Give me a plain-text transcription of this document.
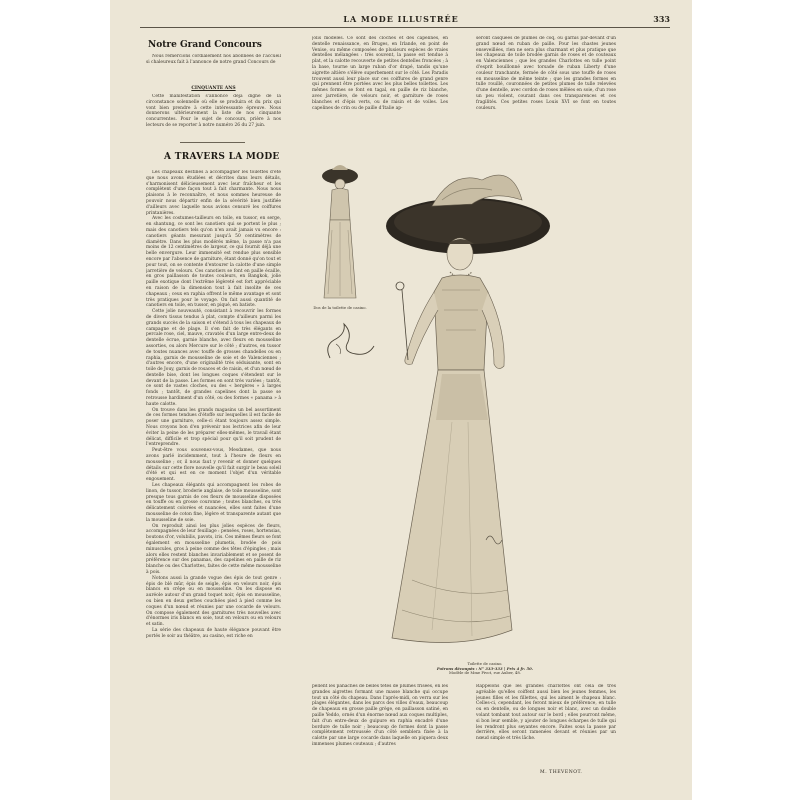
LA MODE ILLUSTRÉE	333
Notre Grand Concours

Nous remercions cordialement nos abonnées de l'accueil si chaleureux fait à l'annonce de notre grand Concours de

CINQUANTE ANS

Cette manifestation s'annonce déjà digne de la circonstance solennelle où elle se produira et du prix qui vont bien prendre à cette intéressante épreuve. Nous donnerons ultérieurement la liste de nos cinquante concurrentes. Pour le sujet de concours, prière à nos lecteurs de se reporter à notre numéro 26 du 27 juin.

A TRAVERS LA MODE

Les chapeaux destinés à accompagner les toilettes d'été que nous avons étudiées et décrites dans leurs détails, s'harmonisent délicieusement avec leur fraîcheur et les complètent d'une façon tout à fait charmante. Nous nous plaisons à le reconnaître, et nous sommes heureuse de pouvoir nous départir enfin de la sévérité bien justifiée d'ailleurs avec laquelle nous avions censuré les coiffures printanières.

Avec les costumes-tailleurs en toile, en tussor, en serge, en shantung, ce sont les canotiers qui se portent le plus ; mais des canotiers tels qu'on n'en avait jamais vu encore : canotiers géants mesurant jusqu'à 50 centimètres de diamètre. Dans les plus modérés même, la passe n'a pas moins de 12 centimètres de largeur, ce qui fournit déjà une belle envergure. Leur immensité est rendue plus sensible encore par l'absence de garniture, étant donné qu'on tout et pour tout, on se contente d'entourer la calotte d'une simple jarretière de velours. Ces canotiers se font en paille écaille, en gros paillasson de toutes couleurs, en Bangkok, jolie paille exotique dont l'extrême légèreté est fort appréciable en raison de la dimension tout à fait insolite de ces chapeaux ; ceux en raphia offrent le même avantage et sont très pratiques pour le voyage. On fait aussi quantité de canotiers en toile, en tussor, en piqué, en batiste.

Cette jolie nouveauté, consistant à recouvrir les formes de divers tissus tendus à plat, compte d'ailleurs parmi les grands succès de la saison et s'étend à tous les chapeaux de campagne et de plage. Il s'en fait de très élégants en percale rose, ciel, mauve, cravatés d'un large entre-deux de dentelle écrue, garnie blanche, avec fleurs en mousseline assorties, ou alors Mercure sur le côté ; d'autres, en tussor de toutes nuances avec touffe de grosses chandelles ou en raphia, garnis de mousseline de soie et de Valenciennes ; d'autres encore, d'une originalité très séduisante, sont en toile de Jouy, garnis de rosaces et de raisin, et d'un nœud de dentelle bise, dont les longues coques s'étendent sur le devant de la passe. Les formes en sont très variées ; tantôt, ce sont de vastes cloches, ou des « bergères » à larges fonds ; tantôt, de grandes capelines dont la passe se retrousse hardiment d'un côté, ou des formes « panama » à haute calotte.

On trouve dans les grands magasins un bel assortiment de ces formes tendues d'étoffe sur lesquelles il est facile de poser une garniture, celle-ci étant toujours assez simple. Nous croyons bon d'en prévenir nos lectrices afin de leur éviter la peine de les préparer elles-mêmes, le travail étant délicat, difficile et trop spécial pour qu'il soit prudent de l'entreprendre.

Peut-être vous souvenez-vous, Mesdames, que nous avons parlé incidemment, tout à l'heure de fleurs en mousseline ; or, il nous faut y revenir et donner quelques détails sur cette flore nouvelle qu'il fait surgir le beau soleil d'été et qui est en ce moment l'objet d'un véritable engouement.

Les chapeaux élégants qui accompagnent les robes de linon, de tussor, broderie anglaise, de toile mousseline, sont presque tous garnis de ces fleurs de mousseline disposées en touffe ou en grosse couronne ; toutes blanches, ou très délicatement colorées et nuancées, elles sont faites d'une mousseline de coton fine, légère et transparente autant que la mousseline de soie.

On reproduit ainsi les plus jolies espèces de fleurs, accompagnées de leur feuillage : pensées, roses, hortensias, boutons d'or, volubilis, pavots, iris. Ces mêmes fleurs se font également en mousseline plumetis, brodée de pois minuscules, gros à peine comme des têtes d'épingles ; mais alors elles restent blanches invariablement et se posent de préférence sur des panamas, des capelines en paille de riz blanche ou des Charlottes, faites de cette même mousseline à pois.

Notons aussi la grande vogue des épis de tout genre : épis de blé mûr, épis de seigle, épis en velours noir, épis blancs en crêpe ou en mousseline. On les dispose en auréole autour d'un grand toquet noir, épis en mousseline, ou bien en deux gerbes couchées pied à pied comme les coques d'un nœud et réunies par une cocarde de velours. On compose également des garnitures très nouvelles avec d'énormes iris blancs en soie, tout en velours ou en velours et satin.

La série des chapeaux de haute élégance pouvant être portés le soir au théâtre, au casino, est riche en

jolis modèles. Ce sont des cloches et des capelines, en dentelle renaissance, en Bruges, en Irlande, en point de Venise, ou même composées de plusieurs espèces de vraies dentelles mélangées : très souvent, la passe est tendue à plat, et la calotte recouverte de petites dentelles froncées ; à la base, tourne un large ruban d'or drapé, tandis qu'une aigrette altière s'élève superbement sur le côté. Les Paradis trouvent aussi leur place sur ces coiffures de grand genre qui prennent être portées avec les plus belles toilettes. Les mêmes formes se font en tagal, en paille de riz blanche, avec jarretière, de velours noir, et garniture de roses blanches et d'épis verts, ou de raisin et de voiles. Les capelines de crin ou de paille d'Italie ap-

seront casquées de plumes de coq, ou garnis par-devant d'un grand nœud en ruban de paille. Pour les chastes jeunes enseveillées, rien ne sera plus charmant et plus pratique que les chapeaux de toile brodée garnis de roses et de couteaux en Valenciennes ; que les grandes Charlottes en tulle point d'esprit bouillonné avec torsade de ruban Liberty d'une couleur tranchante, fermée de côté sous une touffe de roses en mousseline de même teinte ; que les grandes formes en tulle rouillé, couronnées de petites plumes de tulle relevées d'une dentelle, avec cordon de roses mêlées en soie, d'un rose un peu violent, courant dans ces transparences et ces fragilités. Ces petites roses Louis XVI se font en toutes couleurs.

Dos de la toilette de casino.
Toilette de casino.
Patrons découpés : N° 333-333 | Prix 4 fr. 50.
Modèle de Mme Pivot, rue Auber, 48.

pellent les panaches de belles têtes de plumes frisées, en les grandes aigrettes formant une masse blanche qui occupe tout un côté du chapeau. Dans l'après-midi, on verra sur les plages élégantes, dans les parcs des villes d'eaux, beaucoup de chapeaux en grosse paille grège, en paillasson satiné, en paille Yeddo, ornés d'un énorme nœud aux coques multiples, fait d'un entre-deux de guipure en raphia encadré d'une bordure de tulle noir ; beaucoup de formes dont la passe complètement retroussée d'un côté semblera fixée à la calotte par une large cocarde dans laquelle on piquera deux immenses plumes couteaux ; d'autres

Rappelons que les grandes charlottes ont cela de très agréable qu'elles coiffent aussi bien les jeunes femmes, les jeunes filles et les fillettes, qui les aiment le chapeau blanc. Celles-ci, cependant, les feront mieux de préférence, en tulle ou en dentelle, ou de longues noir et blanc, avec un double volant tombant tout autour sur le bord ; elles pourront même, si bon leur semble, y ajouter de longues écharpes de tulle qui les rendront plus seyantes encore. Faites sous la passe par derrière, elles seront ramenées devant et réunies par un nœud simple et très lâche.

M. THEVENOT.
